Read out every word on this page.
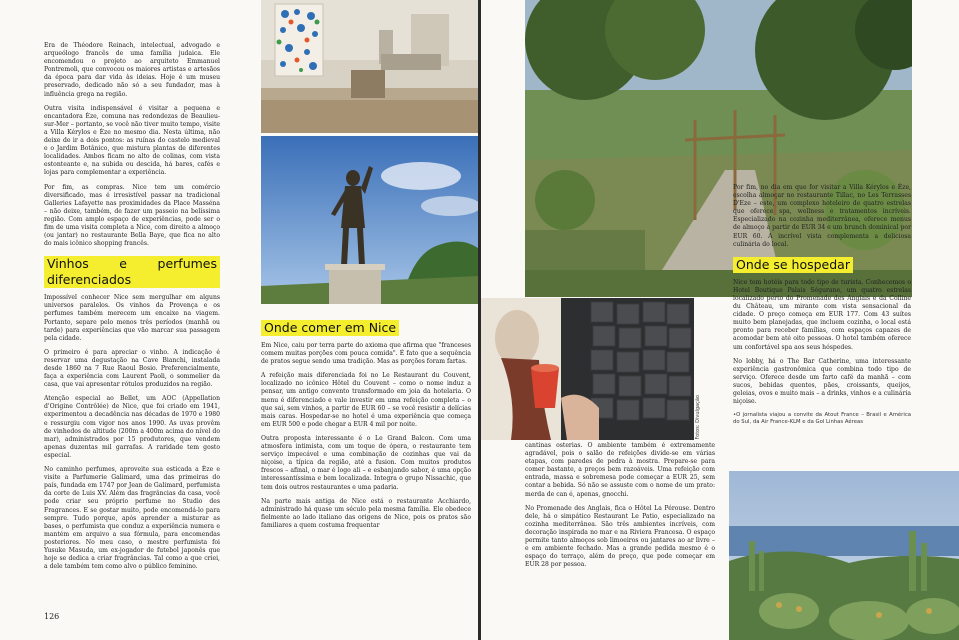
Era de Théodore Reinach, intelectual, advogado e arqueólogo francês de uma família judaica. Ele encomendou o projeto ao arquiteto Emmanuel Pontremoli, que convocou os maiores artistas e artesãos da época para dar vida às ideias. Hoje é um museu preservado, dedicado não só a seu fundador, mas à influência grega na região.

Outra visita indispensável é visitar a pequena e encantadora Èze, comuna nas redondezas de Beaulieu-sur-Mer – portanto, se você não tiver muito tempo, visite a Villa Kérylos e Èze no mesmo dia. Nesta última, não deixe de ir a dois pontos: as ruínas do castelo medieval e o Jardim Botânico, que mistura plantas de diferentes localidades. Ambos ficam no alto de colinas, com vista estonteante e, na subida ou descida, há bares, cafés e lojas para complementar a experiência.

Por fim, as compras. Nice tem um comércio diversificado, mas é irresistível passar na tradicional Galleries Lafayette nas proximidades da Place Masséna – não deixe, também, de fazer um passeio na belíssima região. Com amplo espaço de experiências, pode ser o fim de uma visita completa a Nice, com direito a almoço (ou jantar) no restaurante Bella Baye, que fica no alto do mais icônico shopping francês.

Vinhos e perfumes diferenciados

Impossível conhecer Nice sem mergulhar em alguns universos paralelos. Os vinhos da Provença e os perfumes também merecem um encaixe na viagem. Portanto, separe pelo menos três períodos (manhã ou tarde) para experiências que vão marcar sua passagem pela cidade.

O primeiro é para apreciar o vinho. A indicação é reservar uma degustação na Cave Bianchi, instalada desde 1860 na 7 Rue Raoul Bosio. Preferencialmente, faça a experiência com Laurent Paoli, o sommelier da casa, que vai apresentar rótulos produzidos na região.

Atenção especial ao Bellet, um AOC (Appellation d'Origine Contrôlée) de Nice, que foi criado em 1941, experimentou a decadência nas décadas de 1970 e 1980 e ressurgiu com vigor nos anos 1990. As uvas provêm de vinhedos de altitude (200m a 400m acima do nível do mar), administrados por 15 produtores, que vendem apenas duzentas mil garrafas. A raridade tem gosto especial.

No caminho perfumes, aproveite sua esticada a Èze e visite a Parfumerie Galimard, uma das primeiras do país, fundada em 1747 por Jean de Galimard, perfumista da corte de Luis XV. Além das fragrâncias da casa, você pode criar seu próprio perfume no Studio des Fragrances. E se gostar muito, pode encomendá-lo para sempre. Tudo porque, após aprender a misturar as bases, o perfumista que conduz a experiência numera e mantém em arquivo a sua fórmula, para encomendas posteriores. No meu caso, o mestre perfumista foi Yusuke Masuda, um ex-jogador de futebol japonês que hoje se dedica a criar fragrâncias. Tal como a que criei, a dele também tem como alvo o público feminino.

Onde comer em Nice

Em Nice, caiu por terra parte do axioma que afirma que "franceses comem muitas porções com pouca comida". É fato que a sequência de pratos segue sendo uma tradição. Mas as porções foram fartas.

A refeição mais diferenciada foi no Le Restaurant du Couvent, localizado no icônico Hôtel du Couvent – como o nome induz a pensar, um antigo convento transformado em joia da hotelaria. O menu é diferenciado e vale investir em uma refeição completa – o que sai, sem vinhos, a partir de EUR 60 – se você resistir a delícias mais caras. Hospedar-se no hotel é uma experiência que começa em EUR 500 e pode chegar a EUR 4 mil por noite.

Outra proposta interessante é o Le Grand Balcon. Com uma atmosfera intimista, com um toque de ópera, o restaurante tem serviço impecável e uma combinação de cozinhas que vai da niçoise, a típica da região, até a fusion. Com muitos produtos frescos – afinal, o mar é logo ali – e esbanjando sabor, é uma opção interessantíssima e bem localizada. Integra o grupo Nissachic, que tem dois outros restaurantes e uma padaria.

Na parte mais antiga de Nice está o restaurante Acchiardo, administrado há quase um século pela mesma família. Ele obedece fielmente ao lado italiano das origens de Nice, pois os pratos são familiares a quem costuma frequentar

126
Fotos: Divulgação

cantinas osterias. O ambiente também é extremamente agradável, pois o salão de refeições divide-se em várias etapas, com paredes de pedra à mostra. Prepare-se para comer bastante, a preços bem razoáveis. Uma refeição com entrada, massa e sobremesa pode começar a EUR 25, sem contar a bebida. Só não se assuste com o nome de um prato: merda de can é, apenas, gnocchi.

No Promenade des Anglais, fica o Hôtel La Pérouse. Dentro dele, há o simpático Restaurant Le Patio, especializado na cozinha mediterrânea. São três ambientes incríveis, com decoração inspirada no mar e na Riviera Francesa. O espaço permite tanto almoços sob limoeiros ou jantares ao ar livre – e em ambiente fechado. Mas a grande pedida mesmo é o espaço do terraço, além do preço, que pode começar em EUR 28 por pessoa.

Por fim, no dia em que for visitar a Villa Kérylos e Èze, escolha almoçar no restaurante Tillac, no Les Terrasses D'Eze – este, um complexo hoteleiro de quatro estrelas que oferece spa, wellness e tratamentos incríveis. Especializado na cozinha mediterrânea, oferece menus de almoço a partir de EUR 34 e um brunch dominical por EUR 60. A incrível vista complementa a deliciosa culinária do local.

Onde se hospedar

Nice tem hotéis para todo tipo de turista. Conhecemos o Hotel Boutique Palais Ségurane, um quatro estrelas localizado perto do Promenade des Anglais e da Colline du Château, um mirante com vista sensacional da cidade. O preço começa em EUR 177. Com 43 suítes muito bem planejadas, que incluem cozinha, o local está pronto para receber famílias, com espaços capazes de acomodar bem até oito pessoas. O hotel também oferece um confortável spa aos seus hóspedes.

No lobby, há o The Bar Catherine, uma interessante experiência gastronômica que combina todo tipo de serviço. Oferece desde um farto café da manhã – com sucos, bebidas quentes, pães, croissants, queijos, geleias, ovos e muito mais – a drinks, vinhos e a culinária niçoise.

•O jornalista viajou a convite da Atout France – Brasil e América do Sul, da Air France-KLM e da Gol Linhas Aéreas
